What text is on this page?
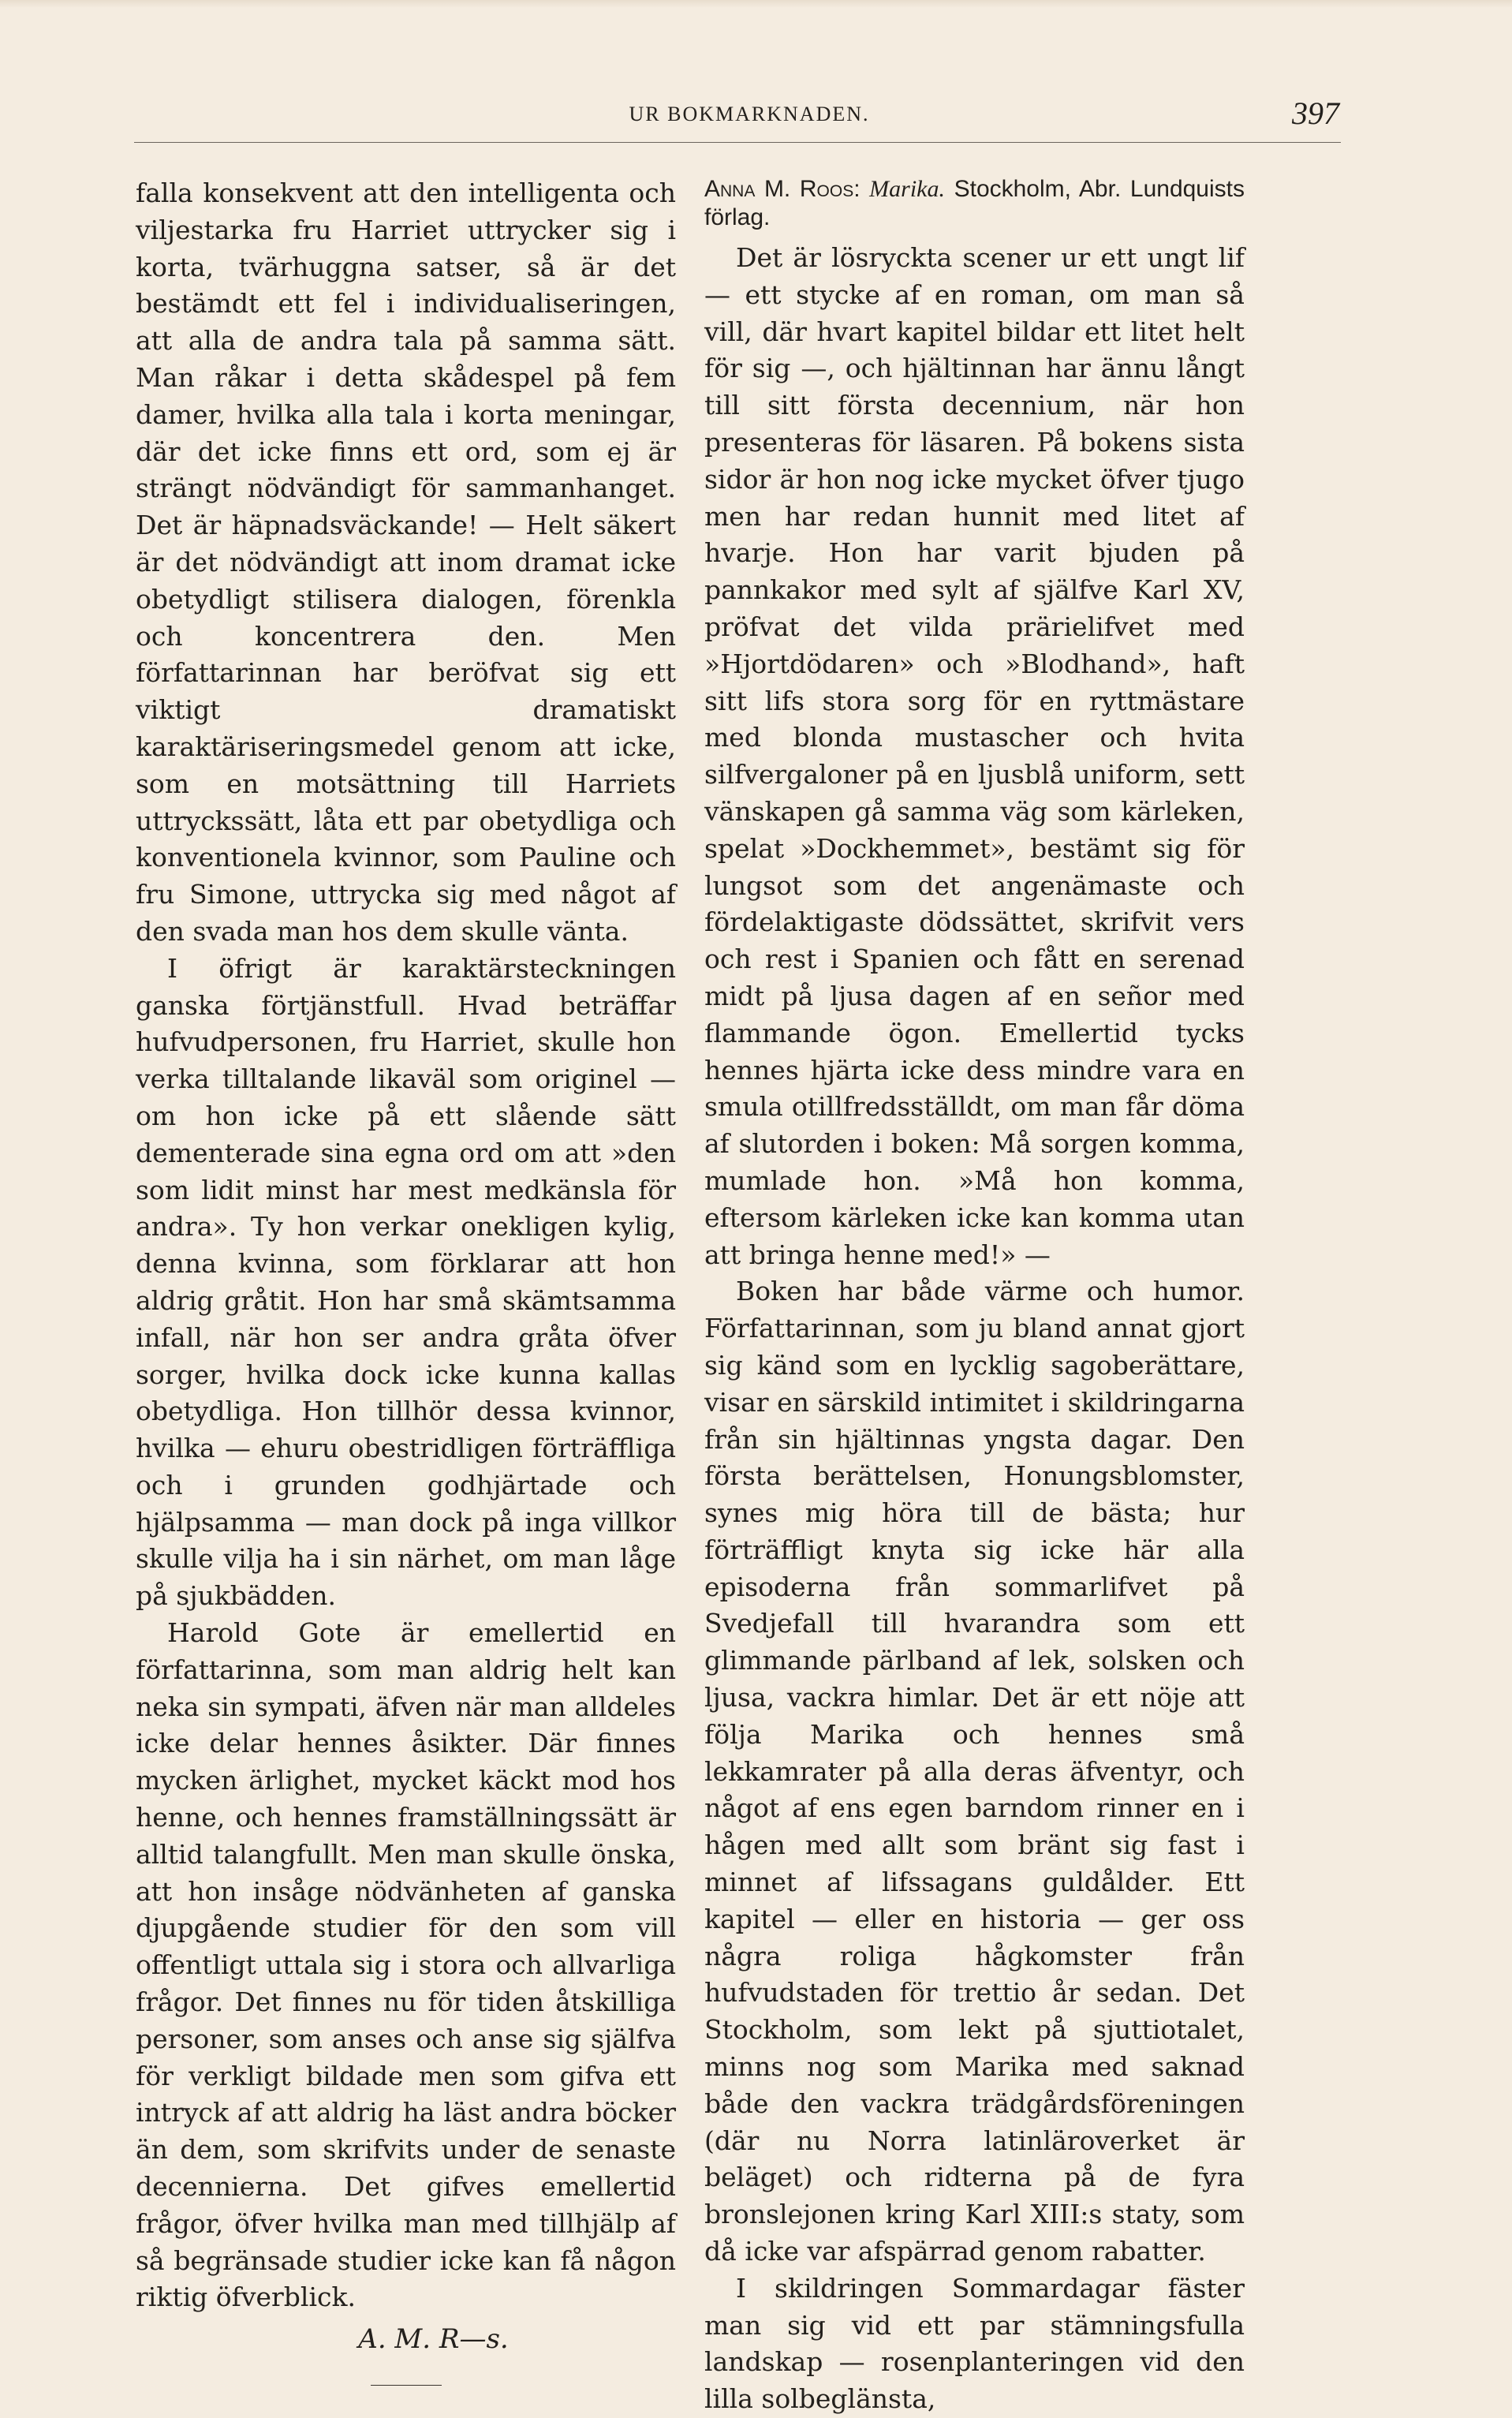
UR BOKMARKNADEN.	397

falla konsekvent att den intelligenta och viljestarka fru Harriet uttrycker sig i korta, tvärhuggna satser, så är det bestämdt ett fel i individualiseringen, att alla de andra tala på samma sätt. Man råkar i detta skådespel på fem damer, hvilka alla tala i korta meningar, där det icke finns ett ord, som ej är strängt nödvändigt för sammanhanget. Det är häpnadsväckande! — Helt säkert är det nödvändigt att inom dramat icke obetydligt stilisera dialogen, förenkla och koncentrera den. Men författarinnan har beröfvat sig ett viktigt dramatiskt karaktäriseringsmedel genom att icke, som en motsättning till Harriets uttryckssätt, låta ett par obetydliga och konventionela kvinnor, som Pauline och fru Simone, uttrycka sig med något af den svada man hos dem skulle vänta.

I öfrigt är karaktärsteckningen ganska förtjänstfull. Hvad beträffar hufvudpersonen, fru Harriet, skulle hon verka tilltalande likaväl som originel — om hon icke på ett slående sätt dementerade sina egna ord om att »den som lidit minst har mest medkänsla för andra». Ty hon verkar onekligen kylig, denna kvinna, som förklarar att hon aldrig gråtit. Hon har små skämtsamma infall, när hon ser andra gråta öfver sorger, hvilka dock icke kunna kallas obetydliga. Hon tillhör dessa kvinnor, hvilka — ehuru obestridligen förträffliga och i grunden godhjärtade och hjälpsamma — man dock på inga villkor skulle vilja ha i sin närhet, om man låge på sjukbädden.

Harold Gote är emellertid en författarinna, som man aldrig helt kan neka sin sympati, äfven när man alldeles icke delar hennes åsikter. Där finnes mycken ärlighet, mycket käckt mod hos henne, och hennes framställningssätt är alltid talangfullt. Men man skulle önska, att hon insåge nödvänheten af ganska djupgående studier för den som vill offentligt uttala sig i stora och allvarliga frågor. Det finnes nu för tiden åtskilliga personer, som anses och anse sig själfva för verkligt bildade men som gifva ett intryck af att aldrig ha läst andra böcker än dem, som skrifvits under de senaste decennierna. Det gifves emellertid frågor, öfver hvilka man med tillhjälp af så begränsade studier icke kan få någon riktig öfverblick.

A. M. R—s.

Anna M. Roos: Marika. Stockholm, Abr. Lundquists förlag.

Det är lösryckta scener ur ett ungt lif — ett stycke af en roman, om man så vill, där hvart kapitel bildar ett litet helt för sig —, och hjältinnan har ännu långt till sitt första decennium, när hon presenteras för läsaren. På bokens sista sidor är hon nog icke mycket öfver tjugo men har redan hunnit med litet af hvarje. Hon har varit bjuden på pannkakor med sylt af själfve Karl XV, pröfvat det vilda prärielifvet med »Hjortdödaren» och »Blodhand», haft sitt lifs stora sorg för en ryttmästare med blonda mustascher och hvita silfvergaloner på en ljusblå uniform, sett vänskapen gå samma väg som kärleken, spelat »Dockhemmet», bestämt sig för lungsot som det angenämaste och fördelaktigaste dödssättet, skrifvit vers och rest i Spanien och fått en serenad midt på ljusa dagen af en señor med flammande ögon. Emellertid tycks hennes hjärta icke dess mindre vara en smula otillfredsställdt, om man får döma af slutorden i boken: Må sorgen komma, mumlade hon. »Må hon komma, eftersom kärleken icke kan komma utan att bringa henne med!» —

Boken har både värme och humor. Författarinnan, som ju bland annat gjort sig känd som en lycklig sagoberättare, visar en särskild intimitet i skildringarna från sin hjältinnas yngsta dagar. Den första berättelsen, Honungsblomster, synes mig höra till de bästa; hur förträffligt knyta sig icke här alla episoderna från sommarlifvet på Svedjefall till hvarandra som ett glimmande pärlband af lek, solsken och ljusa, vackra himlar. Det är ett nöje att följa Marika och hennes små lekkamrater på alla deras äfventyr, och något af ens egen barndom rinner en i hågen med allt som bränt sig fast i minnet af lifssagans guldålder. Ett kapitel — eller en historia — ger oss några roliga hågkomster från hufvudstaden för trettio år sedan. Det Stockholm, som lekt på sjuttiotalet, minns nog som Marika med saknad både den vackra trädgårdsföreningen (där nu Norra latinläroverket är beläget) och ridterna på de fyra bronslejonen kring Karl XIII:s staty, som då icke var afspärrad genom rabatter.

I skildringen Sommardagar fäster man sig vid ett par stämningsfulla landskap — rosenplanteringen vid den lilla solbeglänsta,
